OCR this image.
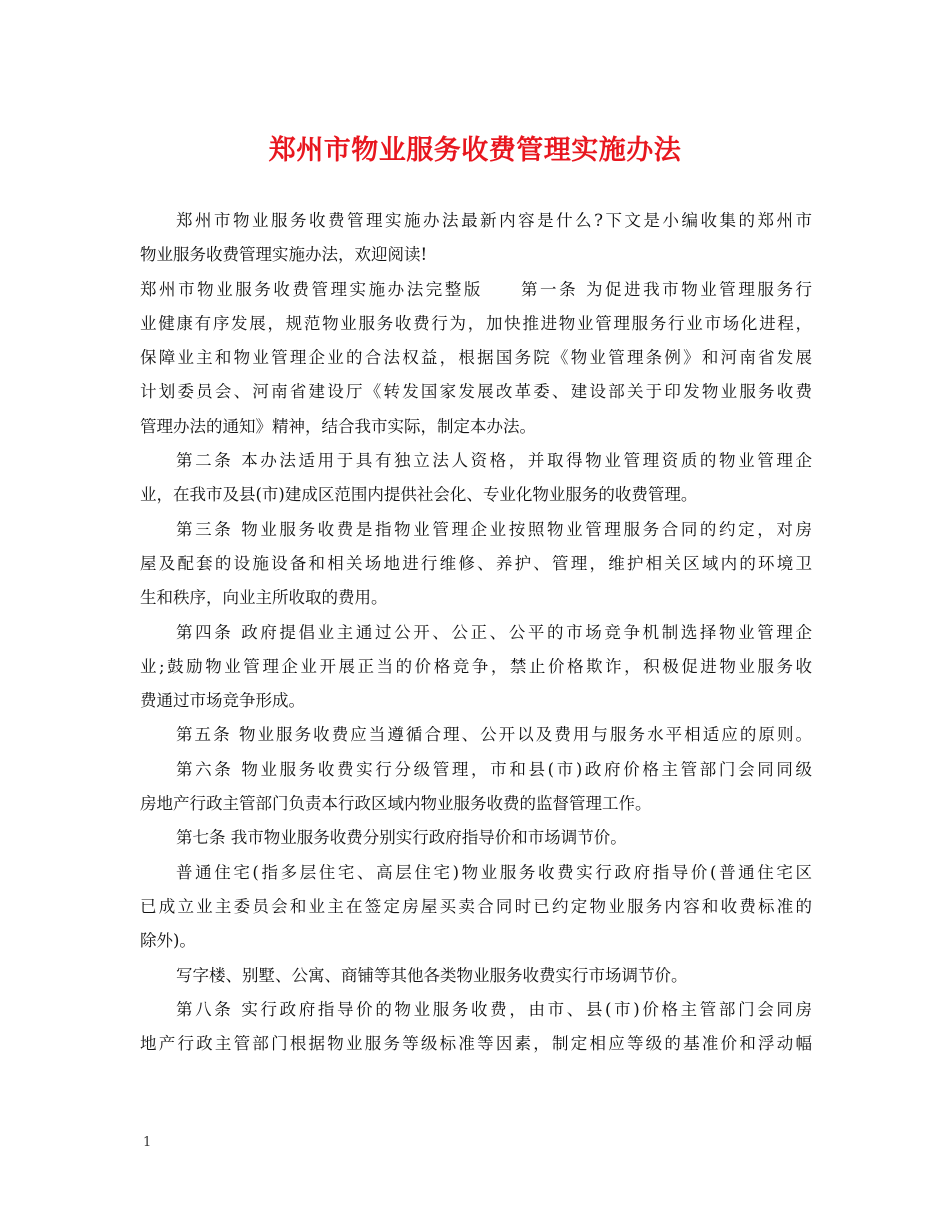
郑州市物业服务收费管理实施办法
郑州市物业服务收费管理实施办法最新内容是什么?下文是小编收集的郑州市
物业服务收费管理实施办法，欢迎阅读!
郑州市物业服务收费管理实施办法完整版　　第一条 为促进我市物业管理服务行
业健康有序发展，规范物业服务收费行为，加快推进物业管理服务行业市场化进程，
保障业主和物业管理企业的合法权益，根据国务院《物业管理条例》和河南省发展
计划委员会、河南省建设厅《转发国家发展改革委、建设部关于印发物业服务收费
管理办法的通知》精神，结合我市实际，制定本办法。
第二条 本办法适用于具有独立法人资格，并取得物业管理资质的物业管理企
业，在我市及县(市)建成区范围内提供社会化、专业化物业服务的收费管理。
第三条 物业服务收费是指物业管理企业按照物业管理服务合同的约定，对房
屋及配套的设施设备和相关场地进行维修、养护、管理，维护相关区域内的环境卫
生和秩序，向业主所收取的费用。
第四条 政府提倡业主通过公开、公正、公平的市场竞争机制选择物业管理企
业;鼓励物业管理企业开展正当的价格竞争，禁止价格欺诈，积极促进物业服务收
费通过市场竞争形成。
第五条 物业服务收费应当遵循合理、公开以及费用与服务水平相适应的原则。
第六条 物业服务收费实行分级管理，市和县(市)政府价格主管部门会同同级
房地产行政主管部门负责本行政区域内物业服务收费的监督管理工作。
第七条 我市物业服务收费分别实行政府指导价和市场调节价。
普通住宅(指多层住宅、高层住宅)物业服务收费实行政府指导价(普通住宅区
已成立业主委员会和业主在签定房屋买卖合同时已约定物业服务内容和收费标准的
除外)。
写字楼、别墅、公寓、商铺等其他各类物业服务收费实行市场调节价。
第八条 实行政府指导价的物业服务收费，由市、县(市)价格主管部门会同房
地产行政主管部门根据物业服务等级标准等因素，制定相应等级的基准价和浮动幅
1
